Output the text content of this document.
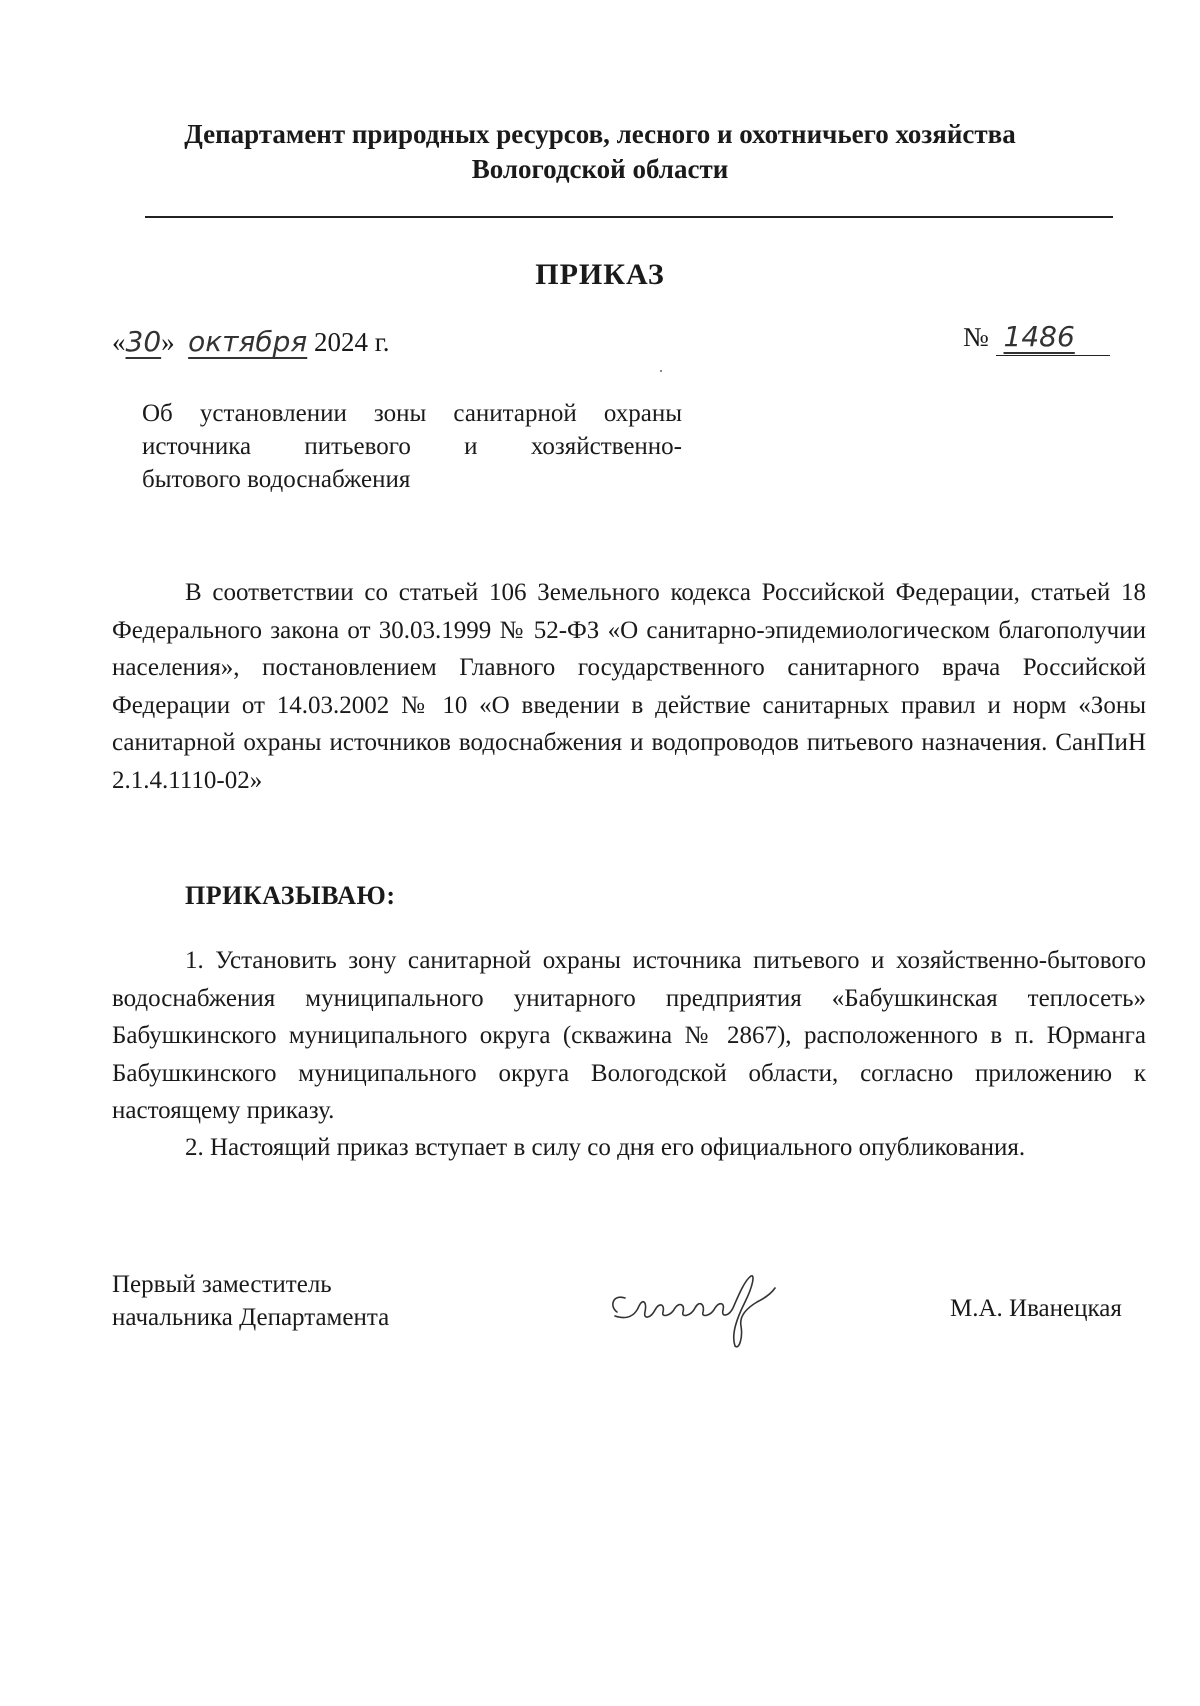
Департамент природных ресурсов, лесного и охотничьего хозяйства
Вологодской области
ПРИКАЗ
«30» октября 2024 г.	№ 1486
Об установлении зоны санитарной охраны
источника питьевого и хозяйственно-
бытового водоснабжения
В соответствии со статьей 106 Земельного кодекса Российской Федерации, статьей 18 Федерального закона от 30.03.1999 № 52-ФЗ «О санитарно-эпидемиологическом благополучии населения», постановлением Главного государственного санитарного врача Российской Федерации от 14.03.2002 № 10 «О введении в действие санитарных правил и норм «Зоны санитарной охраны источников водоснабжения и водопроводов питьевого назначения. СанПиН 2.1.4.1110-02»
ПРИКАЗЫВАЮ:
1. Установить зону санитарной охраны источника питьевого и хозяйственно-бытового водоснабжения муниципального унитарного предприятия «Бабушкинская теплосеть» Бабушкинского муниципального округа (скважина № 2867), расположенного в п. Юрманга Бабушкинского муниципального округа Вологодской области, согласно приложению к настоящему приказу.
2. Настоящий приказ вступает в силу со дня его официального опубликования.
Первый заместитель
начальника Департамента	М.А. Иванецкая
